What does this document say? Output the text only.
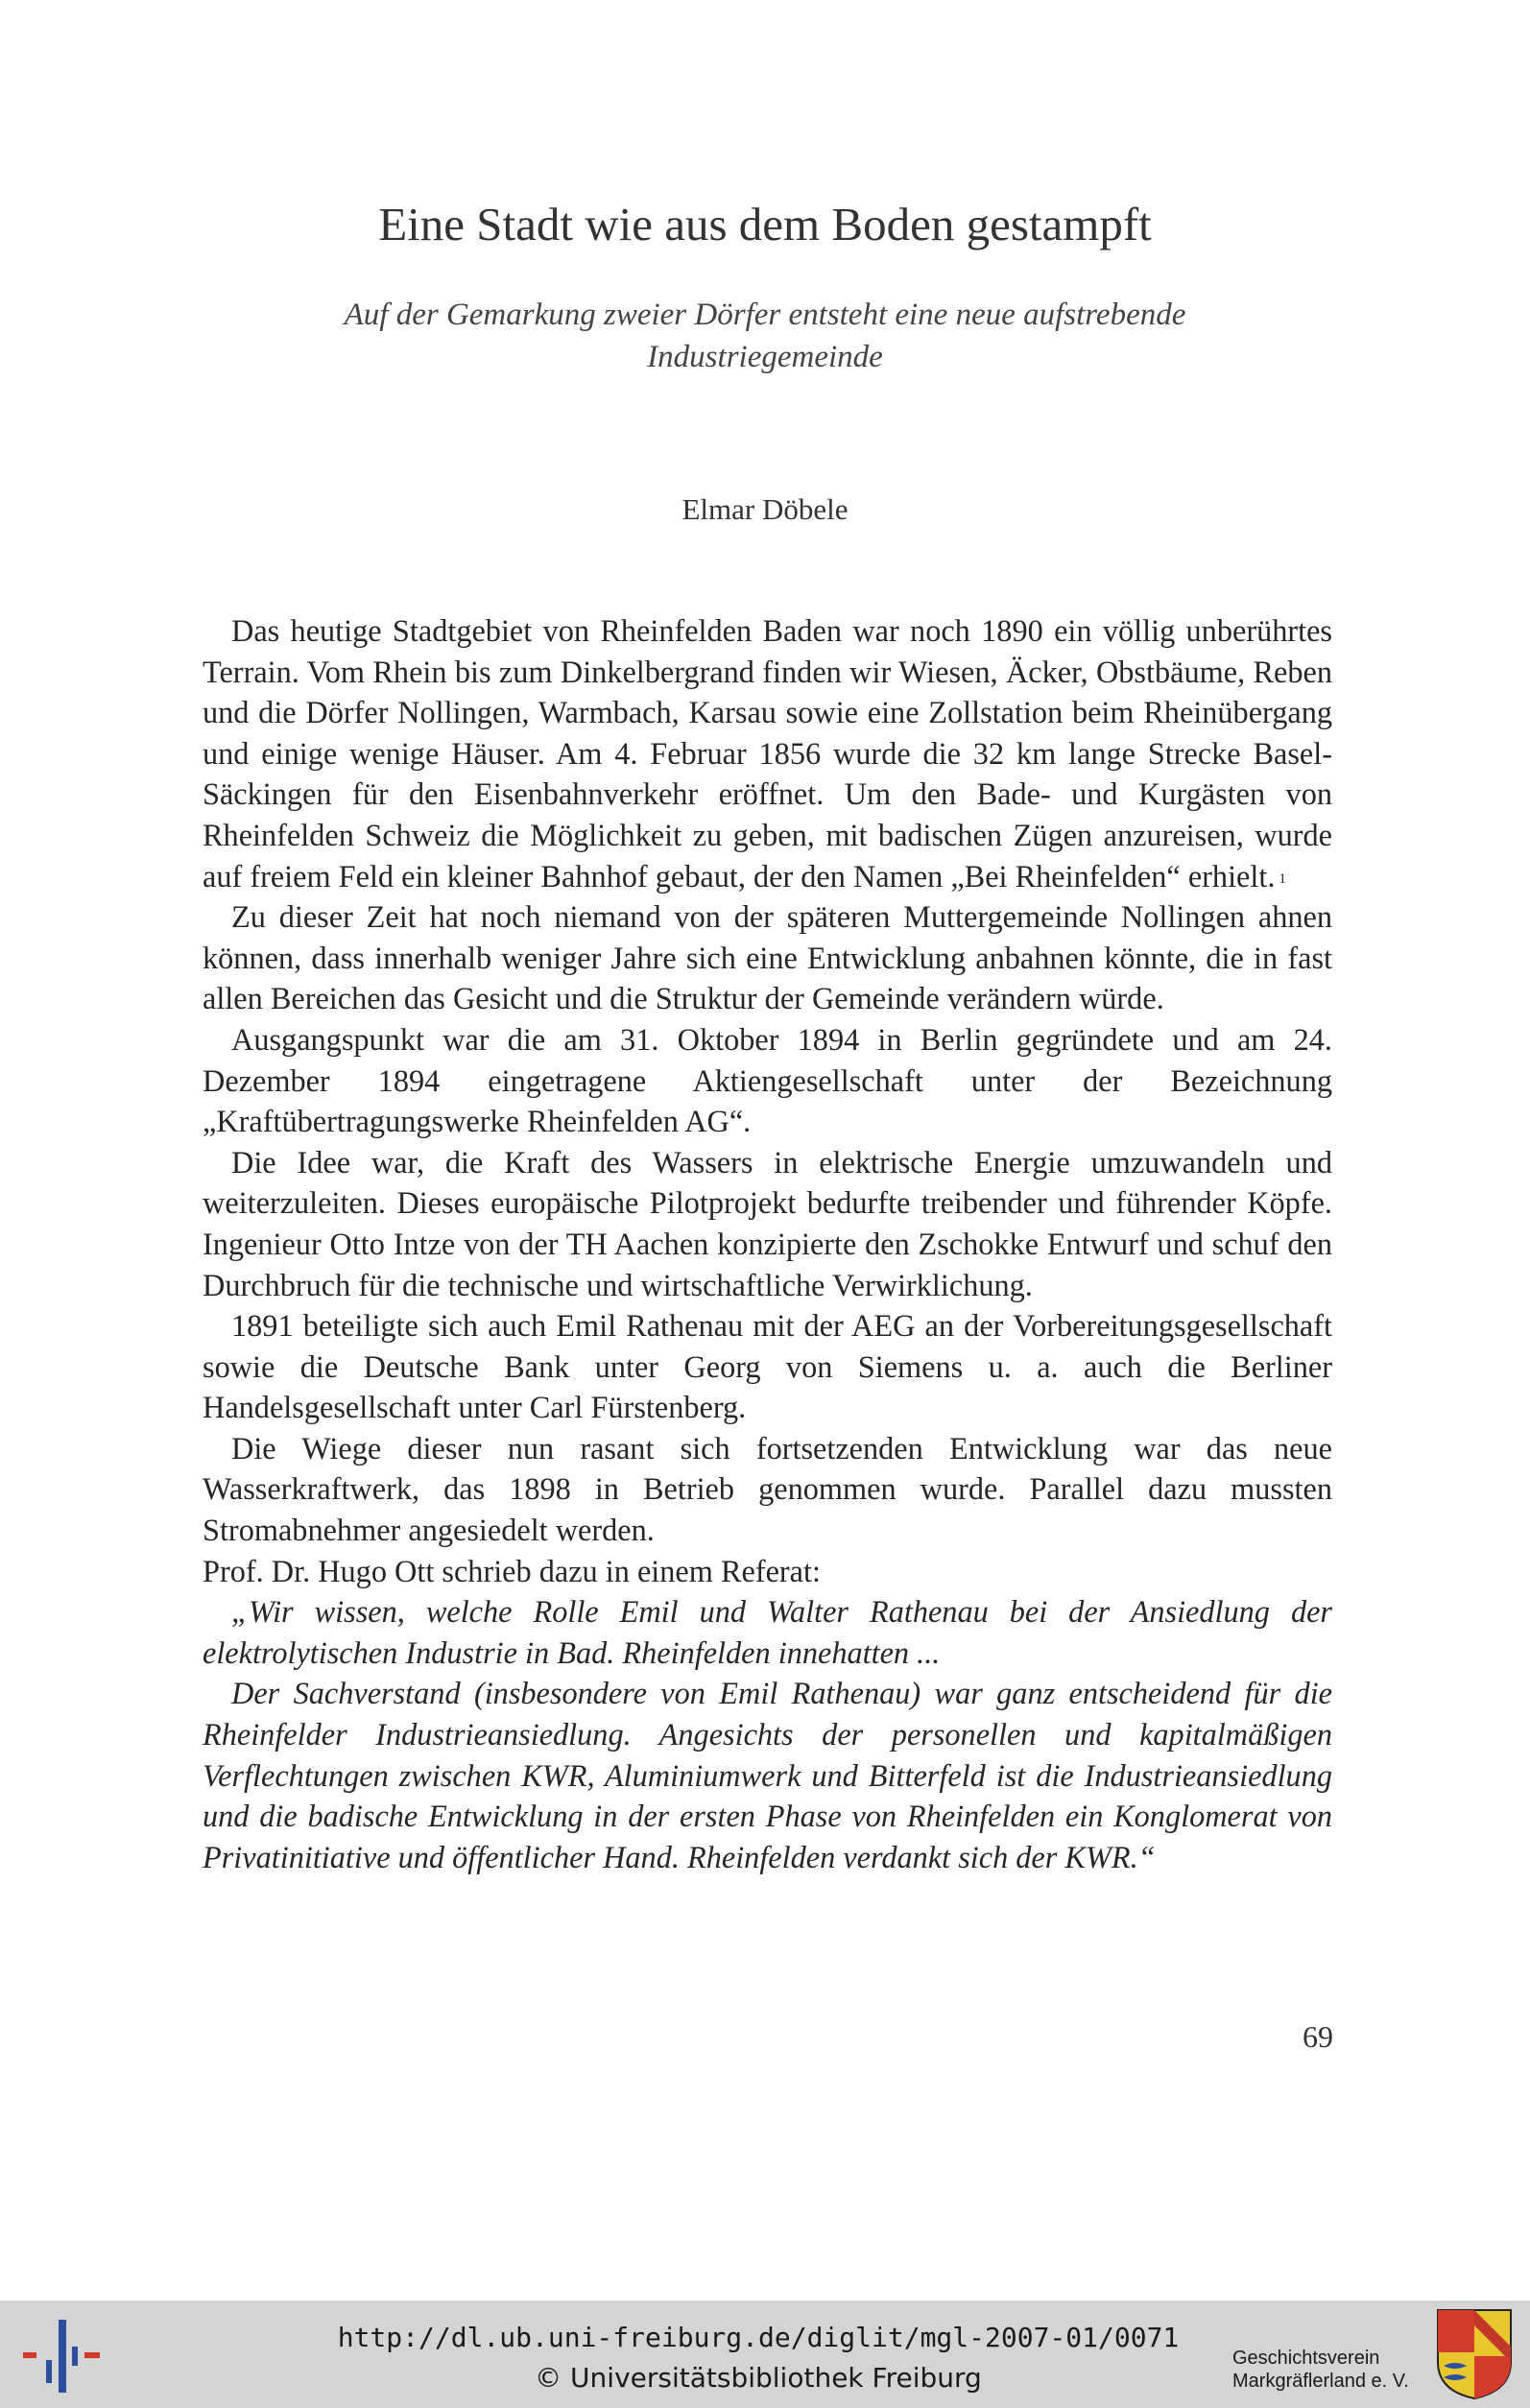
Eine Stadt wie aus dem Boden gestampft
Auf der Gemarkung zweier Dörfer entsteht eine neue aufstrebende Industriegemeinde
Elmar Döbele

Das heutige Stadtgebiet von Rheinfelden Baden war noch 1890 ein völlig unberührtes Terrain. Vom Rhein bis zum Dinkelbergrand finden wir Wiesen, Äcker, Obstbäume, Reben und die Dörfer Nollingen, Warmbach, Karsau sowie eine Zollstation beim Rheinübergang und einige wenige Häuser. Am 4. Februar 1856 wurde die 32 km lange Strecke Basel-Säckingen für den Eisenbahnverkehr eröffnet. Um den Bade- und Kurgästen von Rheinfelden Schweiz die Möglichkeit zu geben, mit badischen Zügen anzureisen, wurde auf freiem Feld ein kleiner Bahnhof gebaut, der den Namen „Bei Rheinfelden“ erhielt. $^1$

Zu dieser Zeit hat noch niemand von der späteren Muttergemeinde Nollingen ahnen können, dass innerhalb weniger Jahre sich eine Entwicklung anbahnen könnte, die in fast allen Bereichen das Gesicht und die Struktur der Gemeinde verändern würde.

Ausgangspunkt war die am 31. Oktober 1894 in Berlin gegründete und am 24. Dezember 1894 eingetragene Aktiengesellschaft unter der Bezeichnung „Kraftübertragungswerke Rheinfelden AG“.

Die Idee war, die Kraft des Wassers in elektrische Energie umzuwandeln und weiterzuleiten. Dieses europäische Pilotprojekt bedurfte treibender und führender Köpfe. Ingenieur Otto Intze von der TH Aachen konzipierte den Zschokke Entwurf und schuf den Durchbruch für die technische und wirtschaftliche Verwirklichung.

1891 beteiligte sich auch Emil Rathenau mit der AEG an der Vorbereitungsgesellschaft sowie die Deutsche Bank unter Georg von Siemens u. a. auch die Berliner Handelsgesellschaft unter Carl Fürstenberg.

Die Wiege dieser nun rasant sich fortsetzenden Entwicklung war das neue Wasserkraftwerk, das 1898 in Betrieb genommen wurde. Parallel dazu mussten Stromabnehmer angesiedelt werden.

Prof. Dr. Hugo Ott schrieb dazu in einem Referat:

„Wir wissen, welche Rolle Emil und Walter Rathenau bei der Ansiedlung der elektrolytischen Industrie in Bad. Rheinfelden innehatten ...

Der Sachverstand (insbesondere von Emil Rathenau) war ganz entscheidend für die Rheinfelder Industrieansiedlung. Angesichts der personellen und kapitalmäßigen Verflechtungen zwischen KWR, Aluminiumwerk und Bitterfeld ist die Industrieansiedlung und die badische Entwicklung in der ersten Phase von Rheinfelden ein Konglomerat von Privatinitiative und öffentlicher Hand. Rheinfelden verdankt sich der KWR.“

69
http://dl.ub.uni-freiburg.de/diglit/mgl-2007-01/0071
© Universitätsbibliothek Freiburg
Geschichtsverein
Markgräflerland e. V.
